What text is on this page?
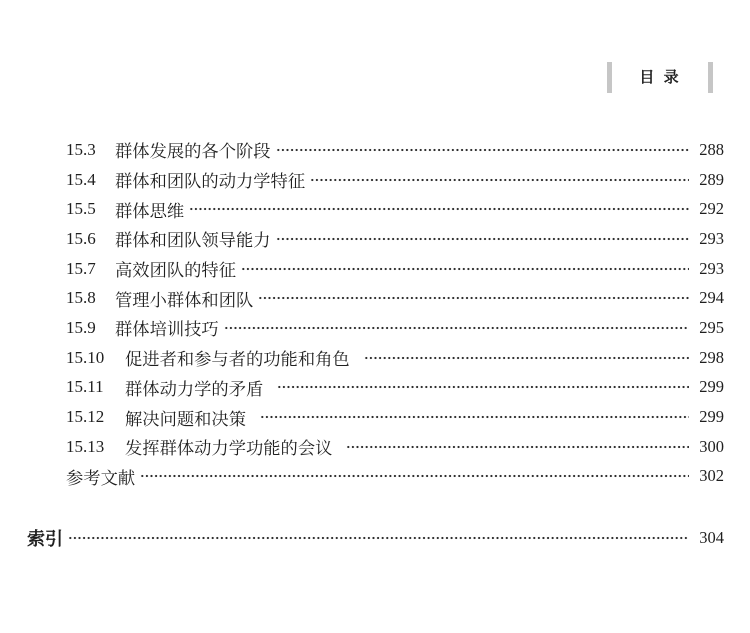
目 录
15.3	群体发展的各个阶段	288
15.4	群体和团队的动力学特征	289
15.5	群体思维	292
15.6	群体和团队领导能力	293
15.7	高效团队的特征	293
15.8	管理小群体和团队	294
15.9	群体培训技巧	295
15.10	促进者和参与者的功能和角色	298
15.11	群体动力学的矛盾	299
15.12	解决问题和决策	299
15.13	发挥群体动力学功能的会议	300
参考文献	302
索引	304
